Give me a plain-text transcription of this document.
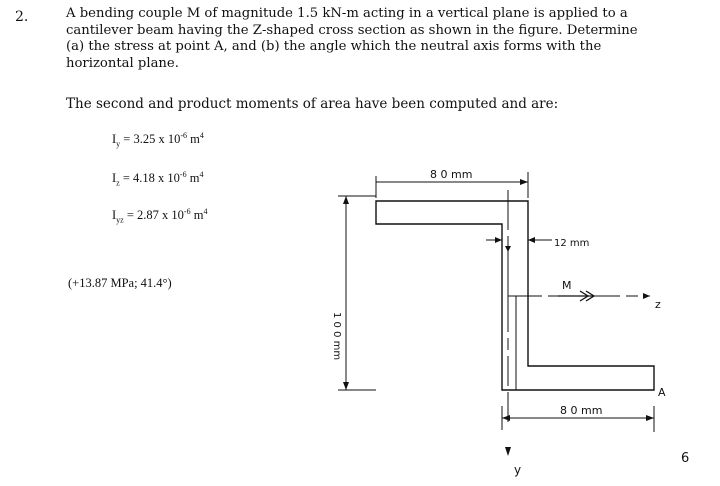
2.	A bending couple M of magnitude 1.5 kN-m acting in a vertical plane is applied to a cantilever beam having the Z-shaped cross section as shown in the figure. Determine (a) the stress at point A, and (b) the angle which the neutral axis forms with the horizontal plane.

The second and product moments of area have been computed and are:

$I_y = 3.25$ x $10^{-6}$ $m^4$
$I_z = 4.18$ x $10^{-6}$ $m^4$
$I_{yz} = 2.87$ x $10^{-6}$ $m^4$
(+13.87 MPa; 41.4°)
8 0 mm
1 0 0 mm
12 mm
z
M
y
8 0 mm
A
6
